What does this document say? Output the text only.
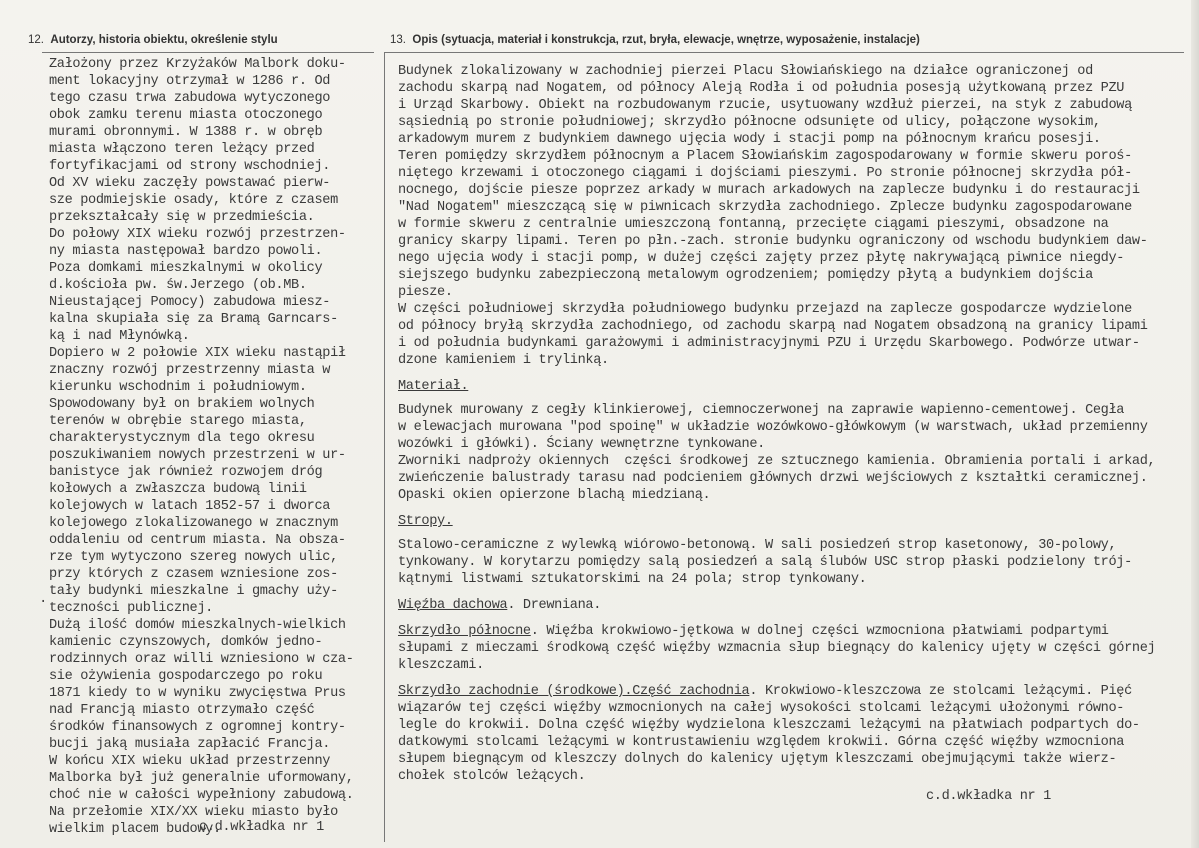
12. Autorzy, historia obiektu, określenie stylu	13. Opis (sytuacja, materiał i konstrukcja, rzut, bryła, elewacje, wnętrze, wyposażenie, instalacje)

Założony przez Krzyżaków Malbork doku-

ment lokacyjny otrzymał w 1286 r. Od

tego czasu trwa zabudowa wytyczonego

obok zamku terenu miasta otoczonego

murami obronnymi. W 1388 r. w obręb

miasta włączono teren leżący przed

fortyfikacjami od strony wschodniej.

Od XV wieku zaczęły powstawać pierw-

sze podmiejskie osady, które z czasem

przekształcały się w przedmieścia.

Do połowy XIX wieku rozwój przestrzen-

ny miasta następował bardzo powoli.

Poza domkami mieszkalnymi w okolicy

d.kościoła pw. św.Jerzego (ob.MB.

Nieustającej Pomocy) zabudowa miesz-

kalna skupiała się za Bramą Garncars-

ką i nad Młynówką.

Dopiero w 2 połowie XIX wieku nastąpił

znaczny rozwój przestrzenny miasta w

kierunku wschodnim i południowym.

Spowodowany był on brakiem wolnych

terenów w obrębie starego miasta,

charakterystycznym dla tego okresu

poszukiwaniem nowych przestrzeni w ur-

banistyce jak również rozwojem dróg

kołowych a zwłaszcza budową linii

kolejowych w latach 1852-57 i dworca

kolejowego zlokalizowanego w znacznym

oddaleniu od centrum miasta. Na obsza-

rze tym wytyczono szereg nowych ulic,

przy których z czasem wzniesione zos-

tały budynki mieszkalne i gmachy uży-

teczności publicznej.

Dużą ilość domów mieszkalnych-wielkich

kamienic czynszowych, domków jedno-

rodzinnych oraz willi wzniesiono w cza-

sie ożywienia gospodarczego po roku

1871 kiedy to w wyniku zwycięstwa Prus

nad Francją miasto otrzymało część

środków finansowych z ogromnej kontry-

bucji jaką musiała zapłacić Francja.

W końcu XIX wieku układ przestrzenny

Malborka był już generalnie uformowany,

choć nie w całości wypełniony zabudową.

Na przełomie XIX/XX wieku miasto było

wielkim placem budowy.

·
c.d.wkładka nr 1

Budynek zlokalizowany w zachodniej pierzei Placu Słowiańskiego na działce ograniczonej od

zachodu skarpą nad Nogatem, od północy Aleją Rodła i od południa posesją użytkowaną przez PZU

i Urząd Skarbowy. Obiekt na rozbudowanym rzucie, usytuowany wzdłuż pierzei, na styk z zabudową

sąsiednią po stronie południowej; skrzydło północne odsunięte od ulicy, połączone wysokim,

arkadowym murem z budynkiem dawnego ujęcia wody i stacji pomp na północnym krańcu posesji.

Teren pomiędzy skrzydłem północnym a Placem Słowiańskim zagospodarowany w formie skweru poroś-

niętego krzewami i otoczonego ciągami i dojściami pieszymi. Po stronie północnej skrzydła pół-

nocnego, dojście piesze poprzez arkady w murach arkadowych na zaplecze budynku i do restauracji

"Nad Nogatem" mieszczącą się w piwnicach skrzydła zachodniego. Zplecze budynku zagospodarowane

w formie skweru z centralnie umieszczoną fontanną, przecięte ciągami pieszymi, obsadzone na

granicy skarpy lipami. Teren po płn.-zach. stronie budynku ograniczony od wschodu budynkiem daw-

nego ujęcia wody i stacji pomp, w dużej części zajęty przez płytę nakrywającą piwnice niegdy-

siejszego budynku zabezpieczoną metalowym ogrodzeniem; pomiędzy płytą a budynkiem dojścia

piesze.

W części południowej skrzydła południowego budynku przejazd na zaplecze gospodarcze wydzielone

od północy bryłą skrzydła zachodniego, od zachodu skarpą nad Nogatem obsadzoną na granicy lipami

i od południa budynkami garażowymi i administracyjnymi PZU i Urzędu Skarbowego. Podwórze utwar-

dzone kamieniem i trylinką.

Materiał.

Budynek murowany z cegły klinkierowej, ciemnoczerwonej na zaprawie wapienno-cementowej. Cegła

w elewacjach murowana "pod spoinę" w układzie wozówkowo-główkowym (w warstwach, układ przemienny

wozówki i główki). Ściany wewnętrzne tynkowane.

Zworniki nadproży okiennych  części środkowej ze sztucznego kamienia. Obramienia portali i arkad,

zwieńczenie balustrady tarasu nad podcieniem głównych drzwi wejściowych z kształtki ceramicznej.

Opaski okien opierzone blachą miedzianą.

Stropy.

Stalowo-ceramiczne z wylewką wiórowo-betonową. W sali posiedzeń strop kasetonowy, 30-polowy,

tynkowany. W korytarzu pomiędzy salą posiedzeń a salą ślubów USC strop płaski podzielony trój-

kątnymi listwami sztukatorskimi na 24 pola; strop tynkowany.

Więźba dachowa. Drewniana.

Skrzydło północne. Więźba krokwiowo-jętkowa w dolnej części wzmocniona płatwiami podpartymi

słupami z mieczami środkową część więźby wzmacnia słup biegnący do kalenicy ujęty w części górnej

kleszczami.

Skrzydło zachodnie (środkowe).Część zachodnia. Krokwiowo-kleszczowa ze stolcami leżącymi. Pięć

wiązarów tej części więźby wzmocnionych na całej wysokości stolcami leżącymi ułożonymi równo-

legle do krokwii. Dolna część więźby wydzielona kleszczami leżącymi na płatwiach podpartych do-

datkowymi stolcami leżącymi w kontrustawieniu względem krokwii. Górna część więźby wzmocniona

słupem biegnącym od kleszczy dolnych do kalenicy ujętym kleszczami obejmującymi także wierz-

chołek stolców leżących.

c.d.wkładka nr 1
